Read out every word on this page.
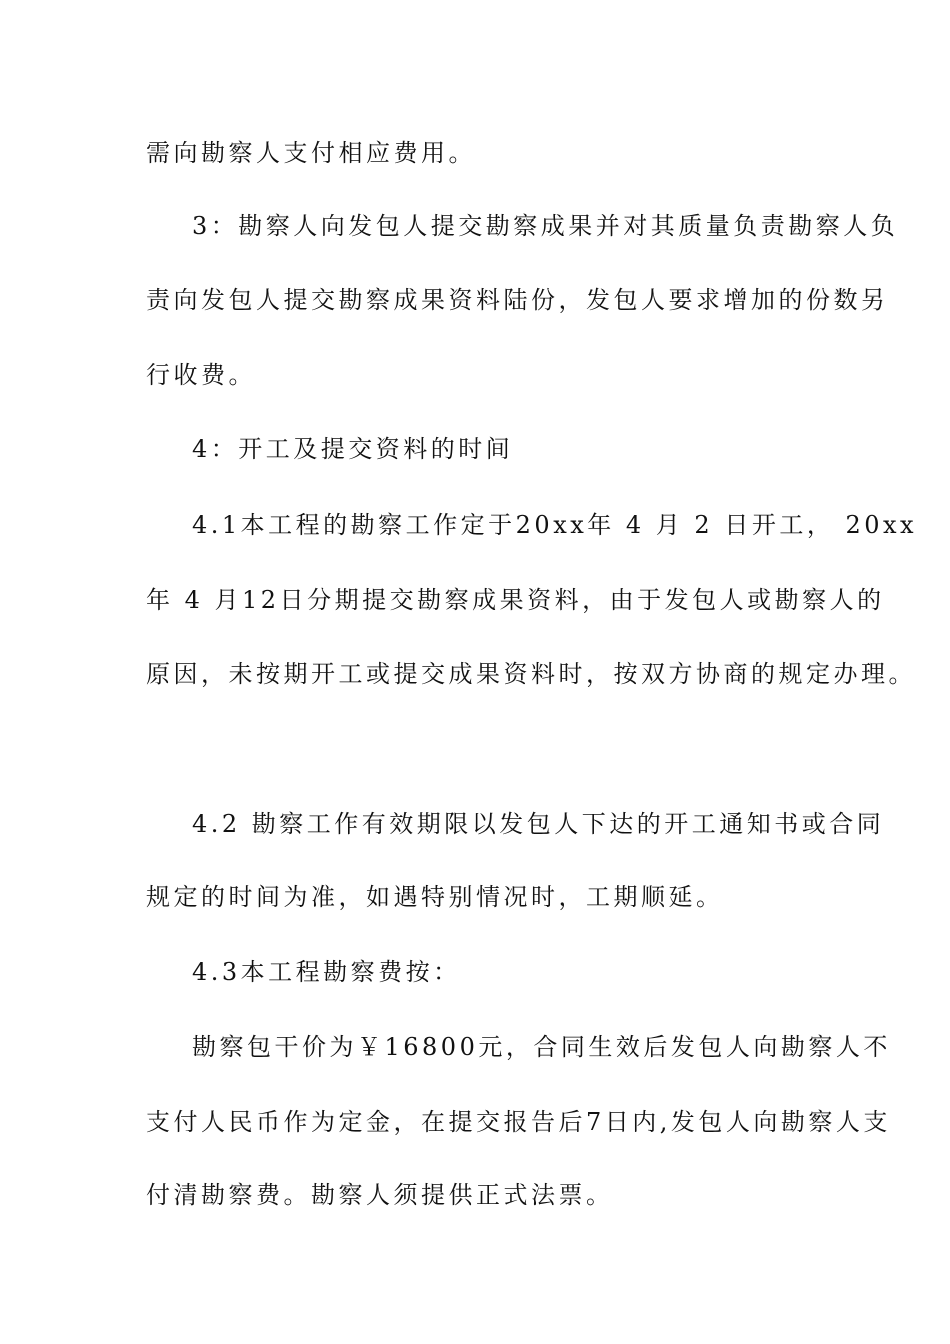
需向勘察人支付相应费用。
3：勘察人向发包人提交勘察成果并对其质量负责勘察人负
责向发包人提交勘察成果资料陆份，发包人要求增加的份数另
行收费。
4：开工及提交资料的时间
4.1本工程的勘察工作定于20xx年 4 月 2 日开工， 20xx
年 4 月12日分期提交勘察成果资料，由于发包人或勘察人的
原因，未按期开工或提交成果资料时，按双方协商的规定办理。
4.2 勘察工作有效期限以发包人下达的开工通知书或合同
规定的时间为准，如遇特别情况时，工期顺延。
4.3本工程勘察费按：
勘察包干价为￥16800元，合同生效后发包人向勘察人不
支付人民币作为定金，在提交报告后7日内,发包人向勘察人支
付清勘察费。勘察人须提供正式法票。
